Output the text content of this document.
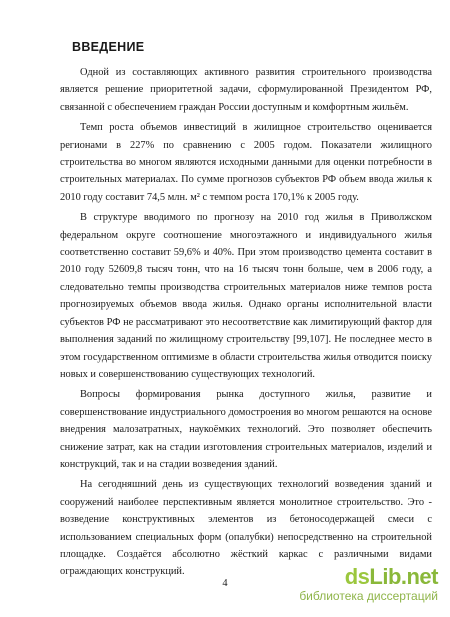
ВВЕДЕНИЕ

Одной из составляющих активного развития строительного производства является решение приоритетной задачи, сформулированной Президентом РФ, связанной с обеспечением граждан России доступным и комфортным жильём.

Темп роста объемов инвестиций в жилищное строительство оценивается регионами в 227% по сравнению с 2005 годом. Показатели жилищного строительства во многом являются исходными данными для оценки потребности в строительных материалах. По сумме прогнозов субъектов РФ объем ввода жилья к 2010 году составит 74,5 млн. м² с темпом роста 170,1% к 2005 году.

В структуре вводимого по прогнозу на 2010 год жилья в Приволжском федеральном округе соотношение многоэтажного и индивидуального жилья соответственно составит 59,6% и 40%. При этом производство цемента составит в 2010 году 52609,8 тысяч тонн, что на 16 тысяч тонн больше, чем в 2006 году, а следовательно темпы производства строительных материалов ниже темпов роста прогнозируемых объемов ввода жилья. Однако органы исполнительной власти субъектов РФ не рассматривают это несоответствие как лимитирующий фактор для выполнения заданий по жилищному строительству [99,107]. Не последнее место в этом государственном оптимизме в области строительства жилья отводится поиску новых и совершенствованию существующих технологий.

Вопросы формирования рынка доступного жилья, развитие и совершенствование индустриального домостроения во многом решаются на основе внедрения малозатратных, наукоёмких технологий. Это позволяет обеспечить снижение затрат, как на стадии изготовления строительных материалов, изделий и конструкций, так и на стадии возведения зданий.

На сегодняшний день из существующих технологий возведения зданий и сооружений наиболее перспективным является монолитное строительство. Это - возведение конструктивных элементов из бетоносодержащей смеси с использованием специальных форм (опалубки) непосредственно на строительной площадке. Создаётся абсолютно жёсткий каркас с различными видами ограждающих конструкций.

4	dsLib.net
библиотека диссертаций
